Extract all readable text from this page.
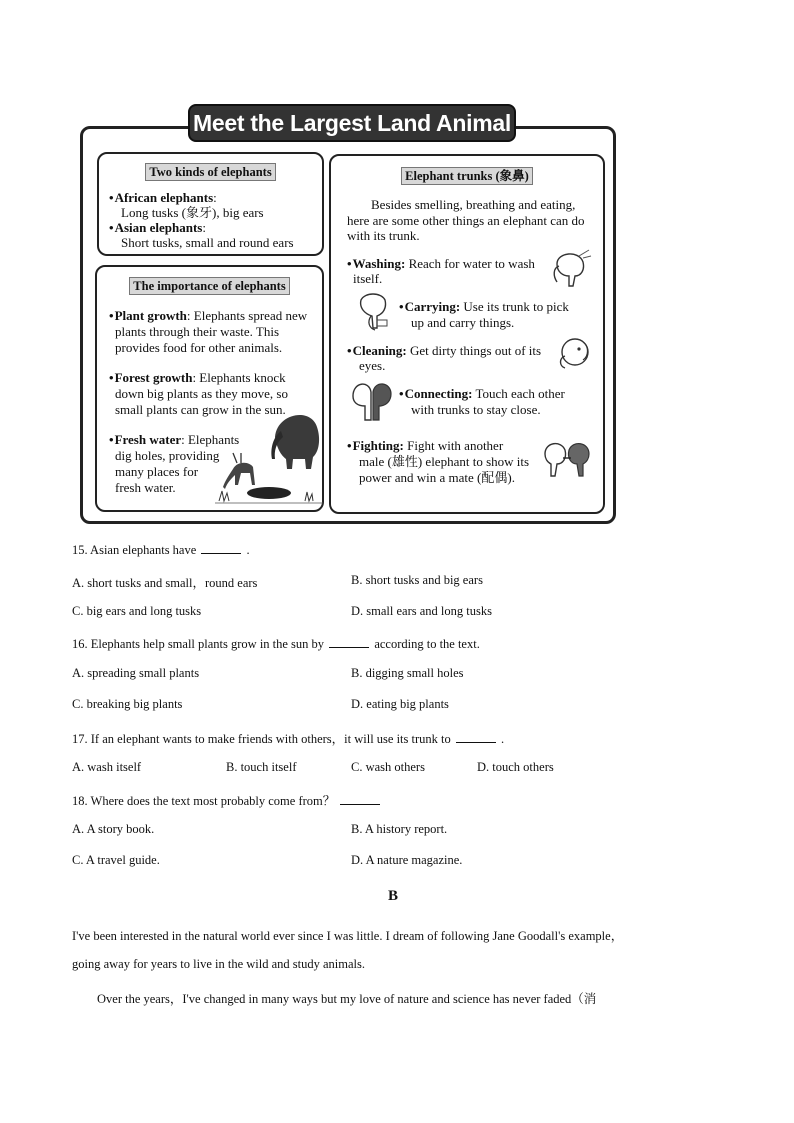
Meet the Largest Land Animal
Two kinds of elephants
• African elephants:
Long tusks (象牙), big ears
• Asian elephants:
Short tusks, small and round ears
The importance of elephants
• Plant growth: Elephants spread new
plants through their waste. This
provides food for other animals.
• Forest growth: Elephants knock
down big plants as they move, so
small plants can grow in the sun.
• Fresh water: Elephants
dig holes, providing
many places for
fresh water.
Elephant trunks (象鼻)
Besides smelling, breathing and eating,
here are some other things an elephant can do
with its trunk.
• Washing: Reach for water to wash
itself.
• Carrying: Use its trunk to pick
up and carry things.
• Cleaning: Get dirty things out of its
eyes.
• Connecting: Touch each other
with trunks to stay close.
• Fighting: Fight with another
male (雄性) elephant to show its
power and win a mate (配偶).
15. Asian elephants have	.
A. short tusks and small，round ears	B. short tusks and big ears
C. big ears and long tusks	D. small ears and long tusks
16. Elephants help small plants grow in the sun by	according to the text.
A. spreading small plants	B. digging small holes
C. breaking big plants	D. eating big plants
17. If an elephant wants to make friends with others，it will use its trunk to	.
A. wash itself	B. touch itself	C. wash others	D. touch others
18. Where does the text most probably come from？
A. A story book.	B. A history report.
C. A travel guide.	D. A nature magazine.
B
I've been interested in the natural world ever since I was little. I dream of following Jane Goodall's example，
going away for years to live in the wild and study animals.
Over the years，I've changed in many ways but my love of nature and science has never faded（消
